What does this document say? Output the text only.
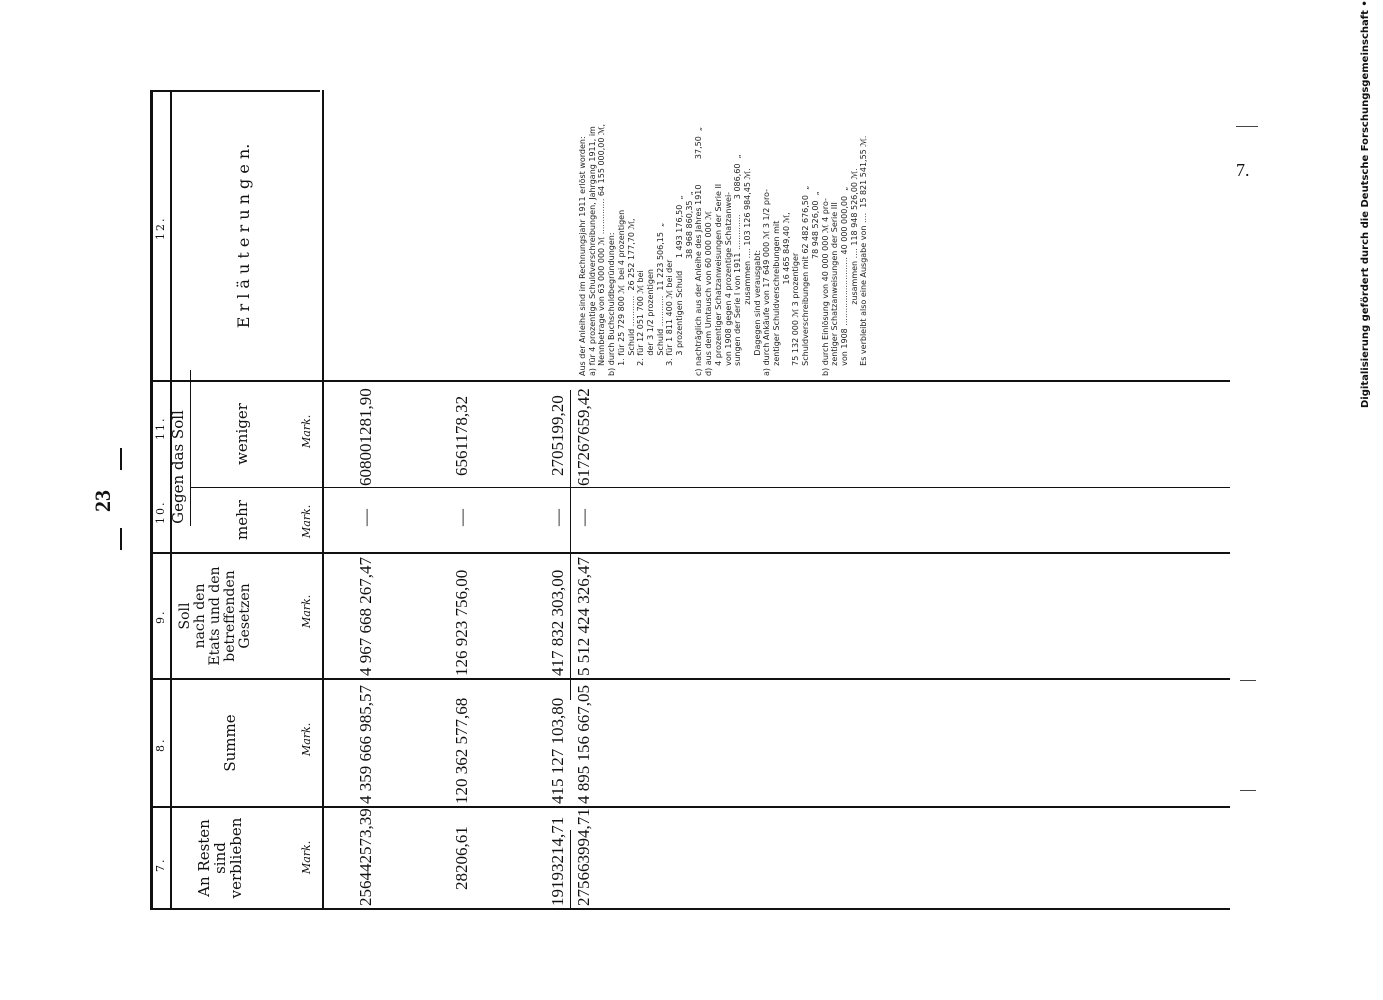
23
Digitalisierung gefördert durch die Deutsche Forschungsgemeinschaft •
7.
7.
8.
9.
10.
11.
12.
An Resten
sind
verblieben
Summe
Soll
nach den
Etats und den
betreffenden
Gesetzen
Gegen das Soll	mehr
weniger
E r l ä u t e r u n g e n.
Mark.
Mark.
Mark.
Mark.
Mark.
256442573,39
4 359 666 985,57
4 967 668 267,47
—
608001281,90
28206,61
120 362 577,68
126 923 756,00
—
6561178,32
19193214,71
415 127 103,80
417 832 303,00
—
2705199,20
275663994,71
4 895 156 667,05
5 512 424 326,47
—
617267659,42
Aus der Anleihe sind im Rechnungsjahr 1911 erlöst worden: a) für 4 prozentige Schuldverschreibungen, Jahrgang 1911, im Nennbetrage von 63 000 000 ℳ .............. 64 155 000,00 ℳ, b) durch Buchschuldbegründungen: 1. für 25 729 800 ℳ  bei 4 prozentigen Schuld ............  26 252 177,70 ℳ, 2. für 12 051 700 ℳ bei der 3 1/2 prozentigen Schuld ............  11 223 506,15  „ 3. für 1 811 400 ℳ bei der 3 prozentigen Schuld     1 493 176,50  „ 38 968 860,35  „ c) nachträglich aus der Anleihe des Jahres 1910          37,50  „ d) aus dem Umtausch von 60 000 000 ℳ 4 prozentiger Schatzanweisungen der Serie II von 1908 gegen 4 prozentige Schatzanwei- sungen der Serie I von 1911 ..............      3 086,60  „ zusammen .... 103 126 984,45 ℳ. Dagegen sind verausgabt: a) durch Ankäufe von 17 649 000 ℳ 3 1/2 pro- zentiger Schuldverschreibungen mit 16 465 849,40 ℳ, 75 132 000 ℳ 3 prozentiger Schuldverschreibungen mit 62 482 676,50  „ 78 948 526,00  „ b) durch Einlösung von 40 000 000 ℳ 4 pro- zentiger Schatzanweisungen der Serie III von 1908 ........................... 40 000 000,00  „ zusammen .... 118 948 526,00 ℳ. Es verbleibt also eine Ausgabe von ....  15 821 541,55 ℳ.
